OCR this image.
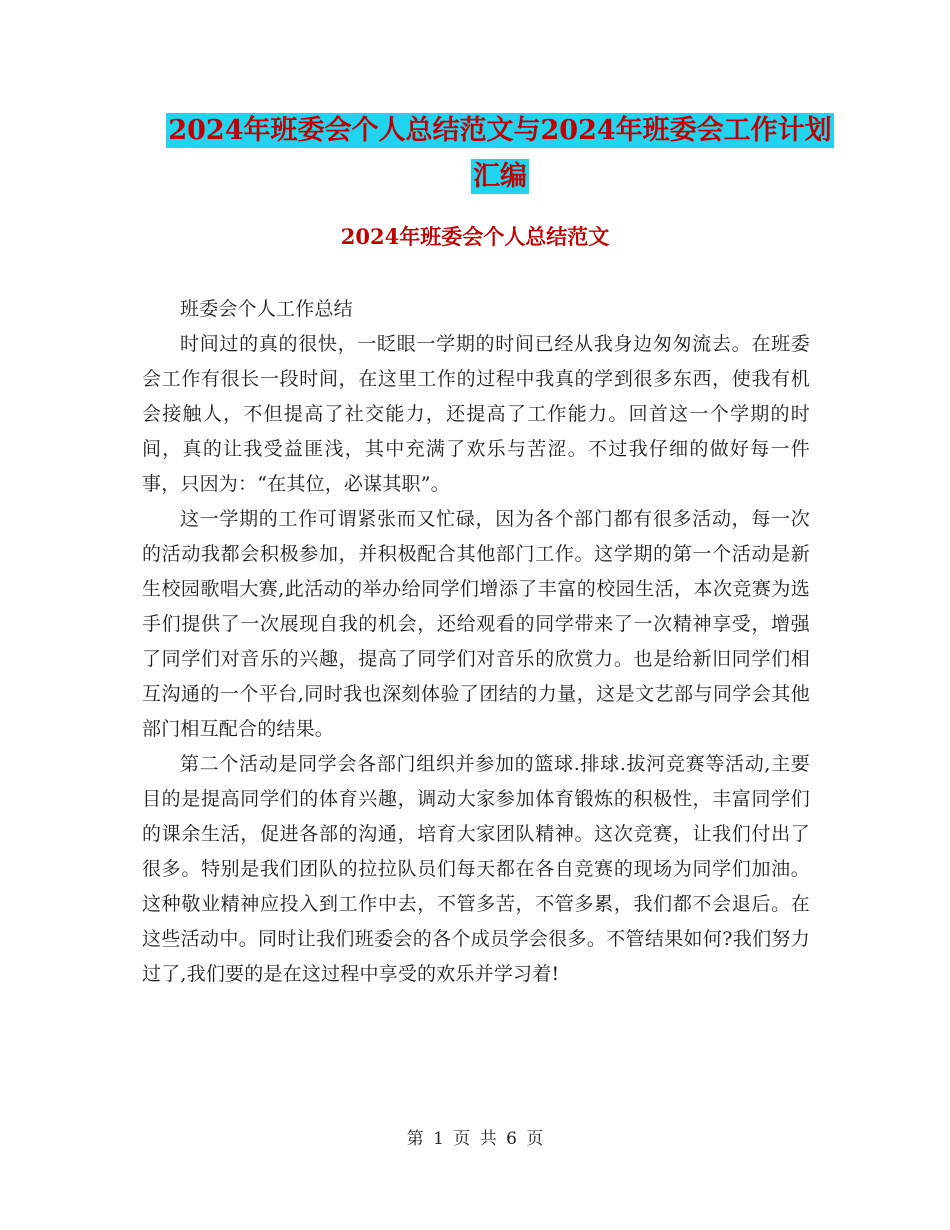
2024年班委会个人总结范文与2024年班委会工作计划
汇编
2024年班委会个人总结范文

班委会个人工作总结

时间过的真的很快，一眨眼一学期的时间已经从我身边匆匆流去。在班委会工作有很长一段时间，在这里工作的过程中我真的学到很多东西，使我有机会接触人，不但提高了社交能力，还提高了工作能力。回首这一个学期的时间，真的让我受益匪浅，其中充满了欢乐与苦涩。不过我仔细的做好每一件事，只因为：“在其位，必谋其职”。

这一学期的工作可谓紧张而又忙碌，因为各个部门都有很多活动，每一次的活动我都会积极参加，并积极配合其他部门工作。这学期的第一个活动是新生校园歌唱大赛,此活动的举办给同学们增添了丰富的校园生活，本次竞赛为选手们提供了一次展现自我的机会，还给观看的同学带来了一次精神享受，增强了同学们对音乐的兴趣，提高了同学们对音乐的欣赏力。也是给新旧同学们相互沟通的一个平台,同时我也深刻体验了团结的力量，这是文艺部与同学会其他部门相互配合的结果。

第二个活动是同学会各部门组织并参加的篮球.排球.拔河竞赛等活动,主要目的是提高同学们的体育兴趣，调动大家参加体育锻炼的积极性，丰富同学们的课余生活，促进各部的沟通，培育大家团队精神。这次竞赛，让我们付出了很多。特别是我们团队的拉拉队员们每天都在各自竞赛的现场为同学们加油。这种敬业精神应投入到工作中去，不管多苦，不管多累，我们都不会退后。在这些活动中。同时让我们班委会的各个成员学会很多。不管结果如何?我们努力过了,我们要的是在这过程中享受的欢乐并学习着!

第 1 页 共 6 页
